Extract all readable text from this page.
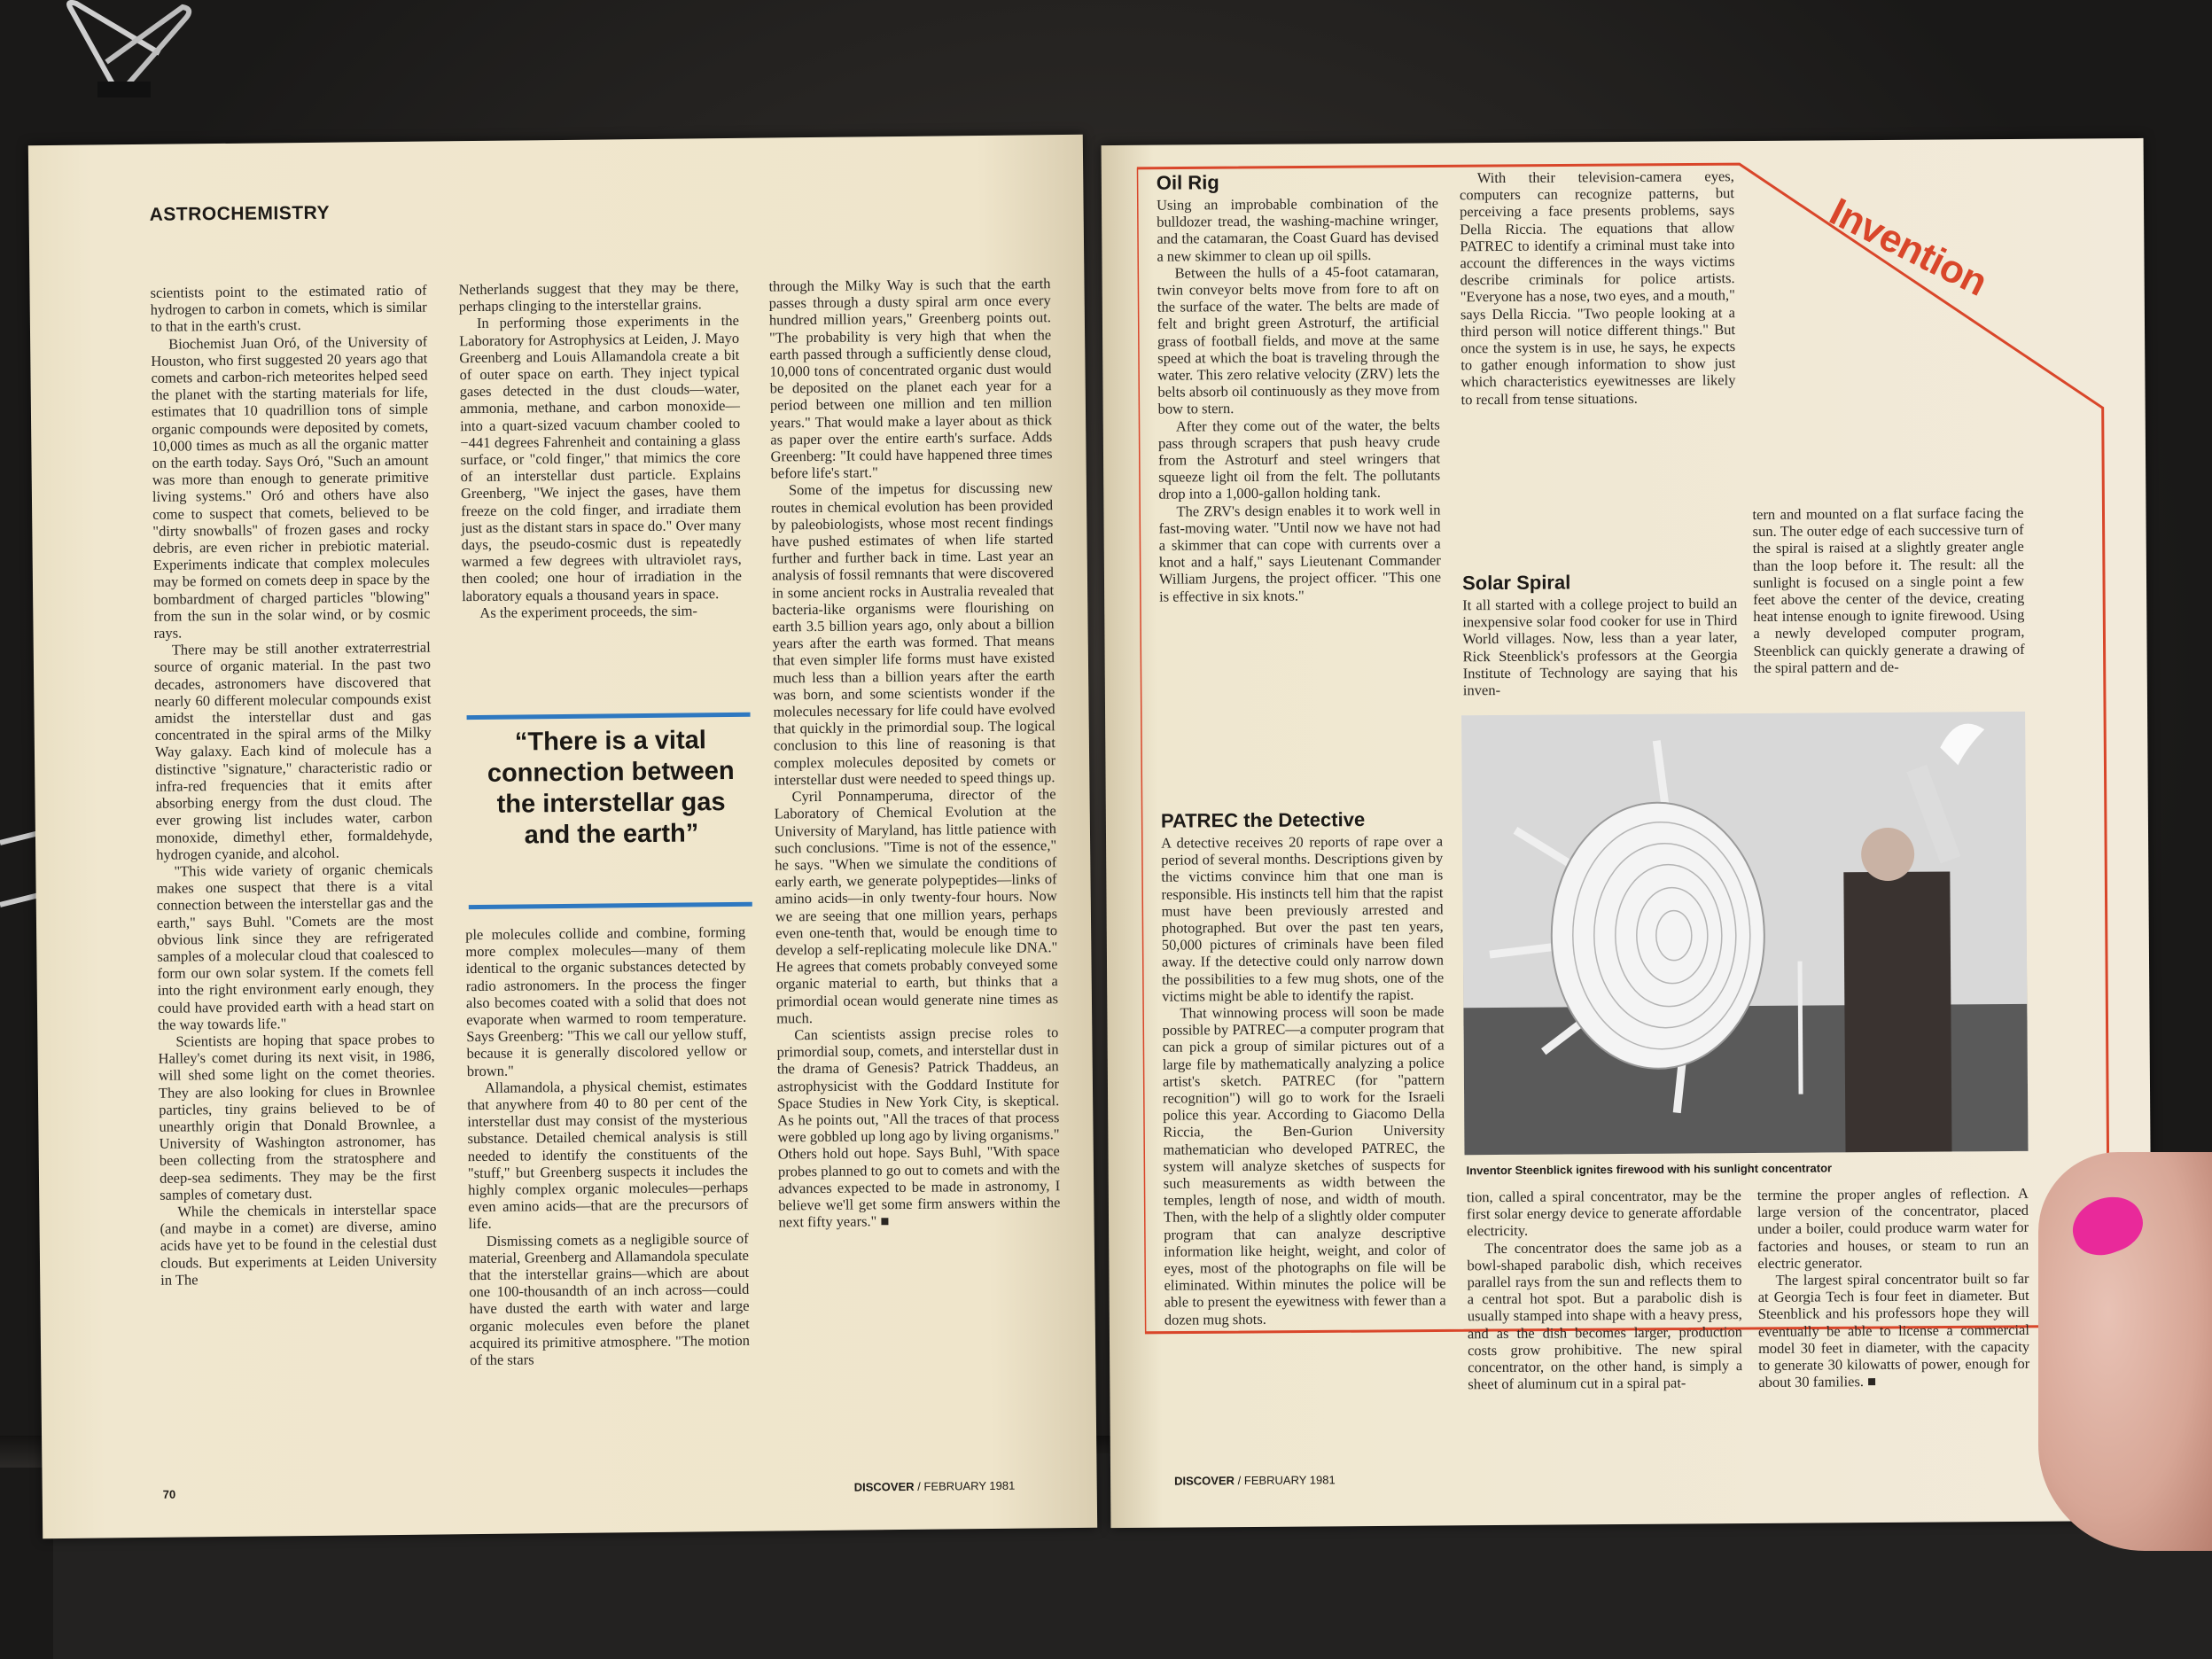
ASTROCHEMISTRY

scientists point to the estimated ratio of hydrogen to carbon in comets, which is similar to that in the earth's crust.

Biochemist Juan Oró, of the University of Houston, who first suggested 20 years ago that comets and carbon-rich meteorites helped seed the planet with the starting materials for life, estimates that 10 quadrillion tons of simple organic compounds were deposited by comets, 10,000 times as much as all the organic matter on the earth today. Says Oró, "Such an amount was more than enough to generate primitive living systems." Oró and others have also come to suspect that comets, believed to be "dirty snowballs" of frozen gases and rocky debris, are even richer in prebiotic material. Experiments indicate that complex molecules may be formed on comets deep in space by the bombardment of charged particles "blowing" from the sun in the solar wind, or by cosmic rays.

There may be still another extraterrestrial source of organic material. In the past two decades, astronomers have discovered that nearly 60 different molecular compounds exist amidst the interstellar dust and gas concentrated in the spiral arms of the Milky Way galaxy. Each kind of molecule has a distinctive "signature," characteristic radio or infra-red frequencies that it emits after absorbing energy from the dust cloud. The ever growing list includes water, carbon monoxide, dimethyl ether, formaldehyde, hydrogen cyanide, and alcohol.

"This wide variety of organic chemicals makes one suspect that there is a vital connection between the interstellar gas and the earth," says Buhl. "Comets are the most obvious link since they are refrigerated samples of a molecular cloud that coalesced to form our own solar system. If the comets fell into the right environment early enough, they could have provided earth with a head start on the way towards life."

Scientists are hoping that space probes to Halley's comet during its next visit, in 1986, will shed some light on the comet theories. They are also looking for clues in Brownlee particles, tiny grains believed to be of unearthly origin that Donald Brownlee, a University of Washington astronomer, has been collecting from the stratosphere and deep-sea sediments. They may be the first samples of cometary dust.

While the chemicals in interstellar space (and maybe in a comet) are diverse, amino acids have yet to be found in the celestial dust clouds. But experiments at Leiden University in The

Netherlands suggest that they may be there, perhaps clinging to the interstellar grains.

In performing those experiments in the Laboratory for Astrophysics at Leiden, J. Mayo Greenberg and Louis Allamandola create a bit of outer space on earth. They inject typical gases detected in the dust clouds—water, ammonia, methane, and carbon monoxide—into a quart-sized vacuum chamber cooled to −441 degrees Fahrenheit and containing a glass surface, or "cold finger," that mimics the core of an interstellar dust particle. Explains Greenberg, "We inject the gases, have them freeze on the cold finger, and irradiate them just as the distant stars in space do." Over many days, the pseudo-cosmic dust is repeatedly warmed a few degrees with ultraviolet rays, then cooled; one hour of irradiation in the laboratory equals a thousand years in space.

As the experiment proceeds, the sim-

“There is a vital connection between the interstellar gas and the earth”

ple molecules collide and combine, forming more complex molecules—many of them identical to the organic substances detected by radio astronomers. In the process the finger also becomes coated with a solid that does not evaporate when warmed to room temperature. Says Greenberg: "This we call our yellow stuff, because it is generally discolored yellow or brown."

Allamandola, a physical chemist, estimates that anywhere from 40 to 80 per cent of the interstellar dust may consist of the mysterious substance. Detailed chemical analysis is still needed to identify the constituents of the "stuff," but Greenberg suspects it includes the highly complex organic molecules—perhaps even amino acids—that are the precursors of life.

Dismissing comets as a negligible source of material, Greenberg and Allamandola speculate that the interstellar grains—which are about one 100-thousandth of an inch across—could have dusted the earth with water and large organic molecules even before the planet acquired its primitive atmosphere. "The motion of the stars

through the Milky Way is such that the earth passes through a dusty spiral arm once every hundred million years," Greenberg points out. "The probability is very high that when the earth passed through a sufficiently dense cloud, 10,000 tons of concentrated organic dust would be deposited on the planet each year for a period between one million and ten million years." That would make a layer about as thick as paper over the entire earth's surface. Adds Greenberg: "It could have happened three times before life's start."

Some of the impetus for discussing new routes in chemical evolution has been provided by paleobiologists, whose most recent findings have pushed estimates of when life started further and further back in time. Last year an analysis of fossil remnants that were discovered in some ancient rocks in Australia revealed that bacteria-like organisms were flourishing on earth 3.5 billion years ago, only about a billion years after the earth was formed. That means that even simpler life forms must have existed much less than a billion years after the earth was born, and some scientists wonder if the molecules necessary for life could have evolved that quickly in the primordial soup. The logical conclusion to this line of reasoning is that complex molecules deposited by comets or interstellar dust were needed to speed things up.

Cyril Ponnamperuma, director of the Laboratory of Chemical Evolution at the University of Maryland, has little patience with such conclusions. "Time is not of the essence," he says. "When we simulate the conditions of early earth, we generate polypeptides—links of amino acids—in only twenty-four hours. Now we are seeing that one million years, perhaps even one-tenth that, would be enough time to develop a self-replicating molecule like DNA." He agrees that comets probably conveyed some organic material to earth, but thinks that a primordial ocean would generate nine times as much.

Can scientists assign precise roles to primordial soup, comets, and interstellar dust in the drama of Genesis? Patrick Thaddeus, an astrophysicist with the Goddard Institute for Space Studies in New York City, is skeptical. As he points out, "All the traces of that process were gobbled up long ago by living organisms." Others hold out hope. Says Buhl, "With space probes planned to go out to comets and with the advances expected to be made in astronomy, I believe we'll get some firm answers within the next fifty years." ■

70
DISCOVER / FEBRUARY 1981
Invention
Oil Rig

Using an improbable combination of the bulldozer tread, the washing-machine wringer, and the catamaran, the Coast Guard has devised a new skimmer to clean up oil spills.

Between the hulls of a 45-foot catamaran, twin conveyor belts move from fore to aft on the surface of the water. The belts are made of felt and bright green Astroturf, the artificial grass of football fields, and move at the same speed at which the boat is traveling through the water. This zero relative velocity (ZRV) lets the belts absorb oil continuously as they move from bow to stern.

After they come out of the water, the belts pass through scrapers that push heavy crude from the Astroturf and steel wringers that squeeze light oil from the felt. The pollutants drop into a 1,000-gallon holding tank.

The ZRV's design enables it to work well in fast-moving water. "Until now we have not had a skimmer that can cope with currents over a knot and a half," says Lieutenant Commander William Jurgens, the project officer. "This one is effective in six knots."

PATREC the Detective

A detective receives 20 reports of rape over a period of several months. Descriptions given by the victims convince him that one man is responsible. His instincts tell him that the rapist must have been previously arrested and photographed. But over the past ten years, 50,000 pictures of criminals have been filed away. If the detective could only narrow down the possibilities to a few mug shots, one of the victims might be able to identify the rapist.

That winnowing process will soon be made possible by PATREC—a computer program that can pick a group of similar pictures out of a large file by mathematically analyzing a police artist's sketch. PATREC (for "pattern recognition") will go to work for the Israeli police this year. According to Giacomo Della Riccia, the Ben-Gurion University mathematician who developed PATREC, the system will analyze sketches of suspects for such measurements as width between the temples, length of nose, and width of mouth. Then, with the help of a slightly older computer program that can analyze descriptive information like height, weight, and color of eyes, most of the photographs on file will be eliminated. Within minutes the police will be able to present the eyewitness with fewer than a dozen mug shots.

With their television-camera eyes, computers can recognize patterns, but perceiving a face presents problems, says Della Riccia. The equations that allow PATREC to identify a criminal must take into account the differences in the ways victims describe criminals for police artists. "Everyone has a nose, two eyes, and a mouth," says Della Riccia. "Two people looking at a third person will notice different things." But once the system is in use, he says, he expects to gather enough information to show just which characteristics eyewitnesses are likely to recall from tense situations.

Solar Spiral

It all started with a college project to build an inexpensive solar food cooker for use in Third World villages. Now, less than a year later, Rick Steenblick's professors at the Georgia Institute of Technology are saying that his inven-

tern and mounted on a flat surface facing the sun. The outer edge of each successive turn of the spiral is raised at a slightly greater angle than the loop before it. The result: all the sunlight is focused on a single point a few feet above the center of the device, creating heat intense enough to ignite firewood. Using a newly developed computer program, Steenblick can quickly generate a drawing of the spiral pattern and de-

Inventor Steenblick ignites firewood with his sunlight concentrator

tion, called a spiral concentrator, may be the first solar energy device to generate affordable electricity.

The concentrator does the same job as a bowl-shaped parabolic dish, which receives parallel rays from the sun and reflects them to a central hot spot. But a parabolic dish is usually stamped into shape with a heavy press, and as the dish becomes larger, production costs grow prohibitive. The new spiral concentrator, on the other hand, is simply a sheet of aluminum cut in a spiral pat-

termine the proper angles of reflection. A large version of the concentrator, placed under a boiler, could produce warm water for factories and houses, or steam to run an electric generator.

The largest spiral concentrator built so far at Georgia Tech is four feet in diameter. But Steenblick and his professors hope they will eventually be able to license a commercial model 30 feet in diameter, with the capacity to generate 30 kilowatts of power, enough for about 30 families. ■

DISCOVER / FEBRUARY 1981
